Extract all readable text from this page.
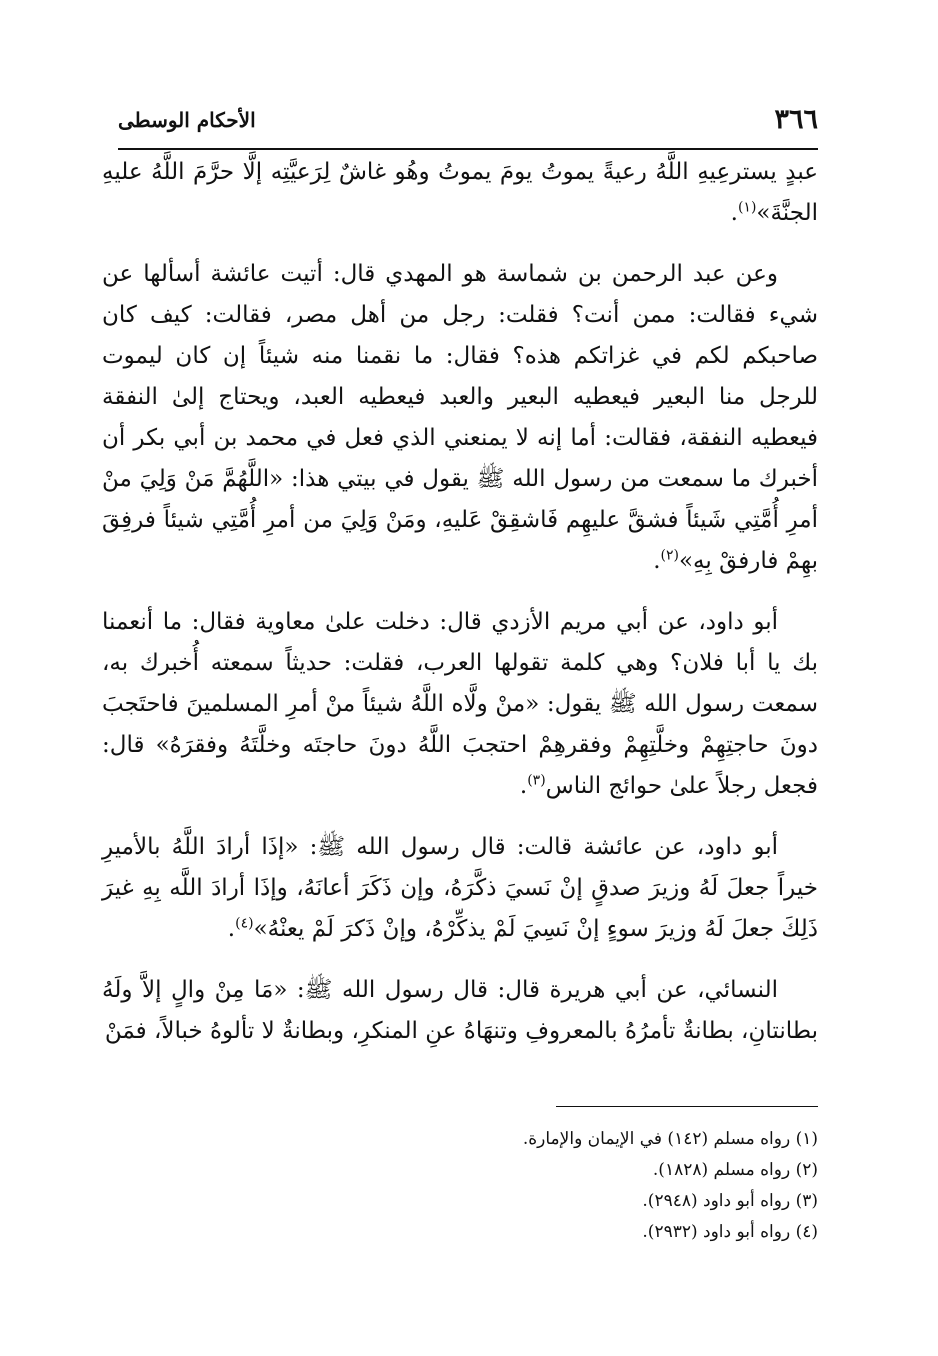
٣٦٦
الأحكام الوسطى

عبدٍ يسترعِيهِ اللَّهُ رعيةً يموتُ يومَ يموتُ وهُو غاشٌ لِرَعيَّتِه إلَّا حرَّمَ اللَّهُ عليهِ الجنَّةَ»$^{(١)}$.

وعن عبد الرحمن بن شماسة هو المهدي قال: أتيت عائشة أسألها عن شيء فقالت: ممن أنت؟ فقلت: رجل من أهل مصر، فقالت: كيف كان صاحبكم لكم في غزاتكم هذه؟ فقال: ما نقمنا منه شيئاً إن كان ليموت للرجل منا البعير فيعطيه البعير والعبد فيعطيه العبد، ويحتاج إلىٰ النفقة فيعطيه النفقة، فقالت: أما إنه لا يمنعني الذي فعل في محمد بن أبي بكر أن أخبرك ما سمعت من رسول الله ﷺ يقول في بيتي هذا: «اللَّهُمَّ مَنْ وَلِيَ منْ أمرِ أُمَّتِي شَيئاً فشقَّ عليهِم فَاشقِقْ عَليهِ، ومَنْ وَلِيَ من أمرِ أُمَّتِي شيئاً فرفِقَ بهِمْ فارفقْ بِهِ»$^{(٢)}$.

أبو داود، عن أبي مريم الأزدي قال: دخلت علىٰ معاوية فقال: ما أنعمنا بك يا أبا فلان؟ وهي كلمة تقولها العرب، فقلت: حديثاً سمعته أُخبرك به، سمعت رسول الله ﷺ يقول: «منْ ولَّاه اللَّهُ شيئاً منْ أمرِ المسلمينَ فاحتَجبَ دونَ حاجتِهِمْ وخلَّتِهِمْ وفقرهِمْ احتجبَ اللَّهُ دونَ حاجتَه وخلَّتَهُ وفقرَهُ» قال: فجعل رجلاً علىٰ حوائج الناس$^{(٣)}$.

أبو داود، عن عائشة قالت: قال رسول الله ﷺ: «إذَا أرادَ اللَّهُ بالأميرِ خيراً جعلَ لَهُ وزيرَ صدقٍ إنْ نَسيَ ذكَّرَهُ، وإن ذَكَرَ أعانَهُ، وإذَا أرادَ اللَّه بِهِ غيرَ ذَلِكَ جعلَ لَهُ وزيرَ سوءٍ إنْ نَسِيَ لَمْ يذكِّرْهُ، وإنْ ذَكرَ لَمْ يعنْهُ»$^{(٤)}$.

النسائي، عن أبي هريرة قال: قال رسول الله ﷺ: «مَا مِنْ والٍ إلاَّ ولَهُ بطانتانِ، بطانةٌ تأمرُهُ بالمعروفِ وتنهَاهُ عنِ المنكرِ، وبطانةٌ لا تألوهُ خبالاً، فمَنْ

(١) رواه مسلم (١٤٢) في الإيمان والإمارة.
(٢) رواه مسلم (١٨٢٨).
(٣) رواه أبو داود (٢٩٤٨).
(٤) رواه أبو داود (٢٩٣٢).
